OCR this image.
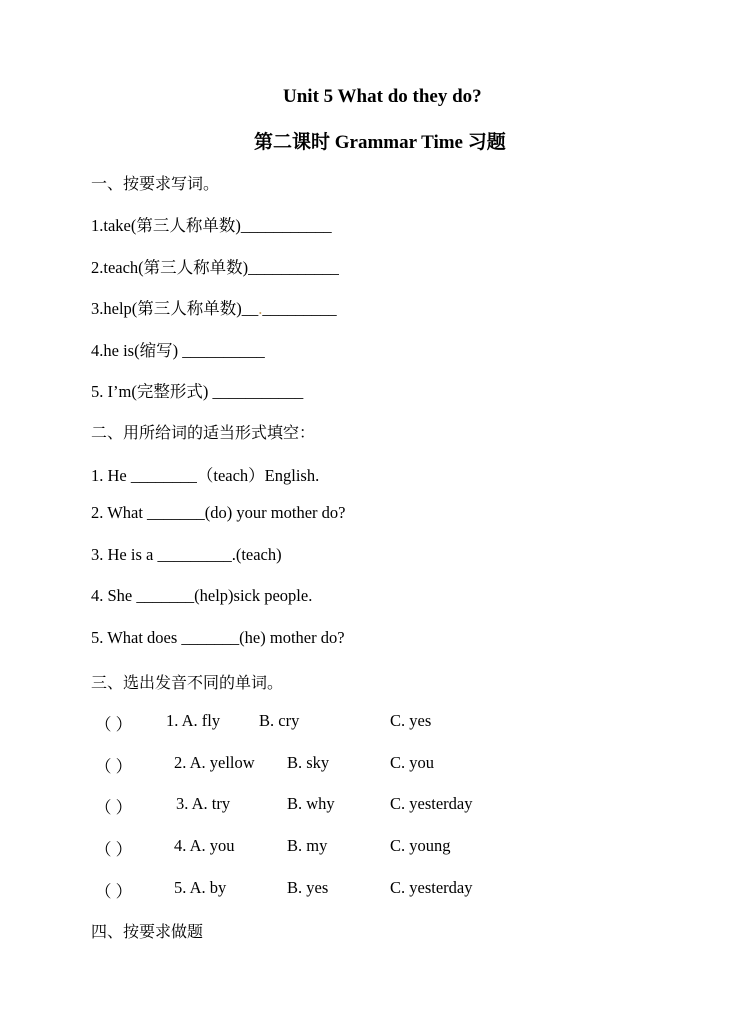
Unit 5 What do they do?
第二课时 Grammar Time 习题
一、按要求写词。
1.take(第三人称单数)___________
2.teach(第三人称单数)___________
3.help(第三人称单数)__._________
4.he is(缩写) __________
5. I’m(完整形式) ___________
二、用所给词的适当形式填空：
1. He ________（teach）English.
2. What _______(do) your mother do?
3. He is a _________.(teach)
4. She _______(help)sick people.
5. What does _______(he) mother do?
三、选出发音不同的单词。
（ ） 1. A. fly B. cry	C. yes
（ ）	2. A. yellow B. sky	C. you
（ ）	3. A. try	B. why	C. yesterday
（ ）	4. A. you	B. my	C. young
（ ）	5. A. by	B. yes	C. yesterday
四、按要求做题
